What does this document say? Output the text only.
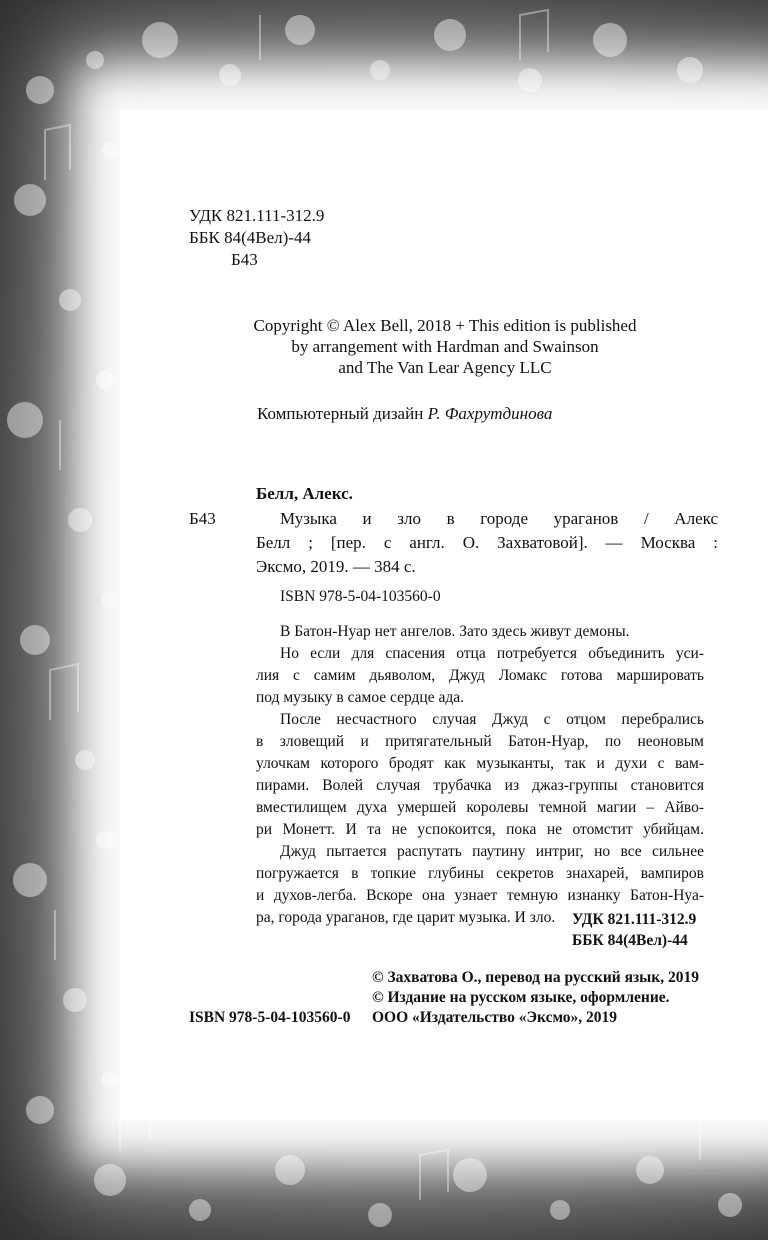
УДК 821.111-312.9
ББК 84(4Вел)-44
Б43
Copyright © Alex Bell, 2018 + This edition is published
by arrangement with Hardman and Swainson
and The Van Lear Agency LLC
Компьютерный дизайн Р. Фахрутдинова
Белл, Алекс.
Б43	Музыка и зло в городе ураганов / Алекс
Белл ; [пер. с англ. О. Захватовой]. — Москва :
Эксмо, 2019. — 384 с.
ISBN 978-5-04-103560-0
В Батон-Нуар нет ангелов. Зато здесь живут демоны.
Но если для спасения отца потребуется объединить уси-
лия с самим дьяволом, Джуд Ломакс готова маршировать
под музыку в самое сердце ада.
После несчастного случая Джуд с отцом перебрались
в зловещий и притягательный Батон-Нуар, по неоновым
улочкам которого бродят как музыканты, так и духи с вам-
пирами. Волей случая трубачка из джаз-группы становится
вместилищем духа умершей королевы темной магии – Айво-
ри Монетт. И та не успокоится, пока не отомстит убийцам.
Джуд пытается распутать паутину интриг, но все сильнее
погружается в топкие глубины секретов знахарей, вампиров
и духов-легба. Вскоре она узнает темную изнанку Батон-Нуа-
ра, города ураганов, где царит музыка. И зло. УДК 821.111-312.9
ББК 84(4Вел)-44
© Захватова О., перевод на русский язык, 2019
© Издание на русском языке, оформление.
ISBN 978-5-04-103560-0 ООО «Издательство «Эксмо», 2019
